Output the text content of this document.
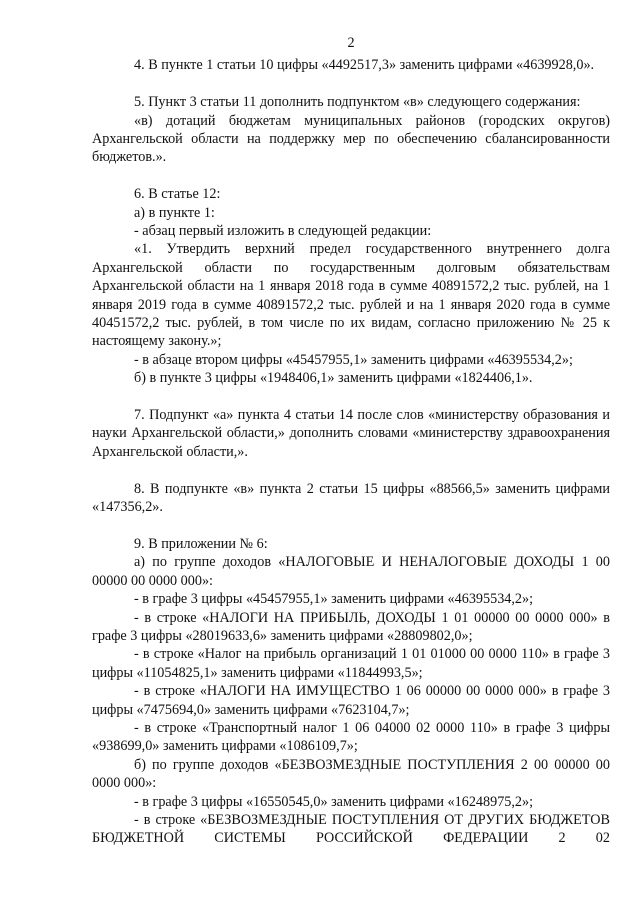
2

4. В пункте 1 статьи 10 цифры «4492517,3» заменить цифрами «4639928,0».

5. Пункт 3 статьи 11 дополнить подпунктом «в» следующего содержания:

«в) дотаций бюджетам муниципальных районов (городских округов) Архангельской области на поддержку мер по обеспечению сбалансированности бюджетов.».

6. В статье 12:

а) в пункте 1:

- абзац первый изложить в следующей редакции:

«1. Утвердить верхний предел государственного внутреннего долга Архангельской области по государственным долговым обязательствам Архангельской области на 1 января 2018 года в сумме 40891572,2 тыс. рублей, на 1 января 2019 года в сумме 40891572,2 тыс. рублей и на 1 января 2020 года в сумме 40451572,2 тыс. рублей, в том числе по их видам, согласно приложению № 25 к настоящему закону.»;

- в абзаце втором цифры «45457955,1» заменить цифрами «46395534,2»;

б) в пункте 3 цифры «1948406,1» заменить цифрами «1824406,1».

7. Подпункт «а» пункта 4 статьи 14 после слов «министерству образования и науки Архангельской области,» дополнить словами «министерству здравоохранения Архангельской области,».

8. В подпункте «в» пункта 2 статьи 15 цифры «88566,5» заменить цифрами «147356,2».

9. В приложении № 6:

а) по группе доходов «НАЛОГОВЫЕ И НЕНАЛОГОВЫЕ ДОХОДЫ 1 00 00000 00 0000 000»:

- в графе 3 цифры «45457955,1» заменить цифрами «46395534,2»;

- в строке «НАЛОГИ НА ПРИБЫЛЬ, ДОХОДЫ 1 01 00000 00 0000 000» в графе 3 цифры «28019633,6» заменить цифрами «28809802,0»;

- в строке «Налог на прибыль организаций 1 01 01000 00 0000 110» в графе 3 цифры «11054825,1» заменить цифрами «11844993,5»;

- в строке «НАЛОГИ НА ИМУЩЕСТВО 1 06 00000 00 0000 000» в графе 3 цифры «7475694,0» заменить цифрами «7623104,7»;

- в строке «Транспортный налог 1 06 04000 02 0000 110» в графе 3 цифры «938699,0» заменить цифрами «1086109,7»;

б) по группе доходов «БЕЗВОЗМЕЗДНЫЕ ПОСТУПЛЕНИЯ 2 00 00000 00 0000 000»:

- в графе 3 цифры «16550545,0» заменить цифрами «16248975,2»;

- в строке «БЕЗВОЗМЕЗДНЫЕ ПОСТУПЛЕНИЯ ОТ ДРУГИХ БЮДЖЕТОВ БЮДЖЕТНОЙ СИСТЕМЫ РОССИЙСКОЙ ФЕДЕРАЦИИ 2 02
